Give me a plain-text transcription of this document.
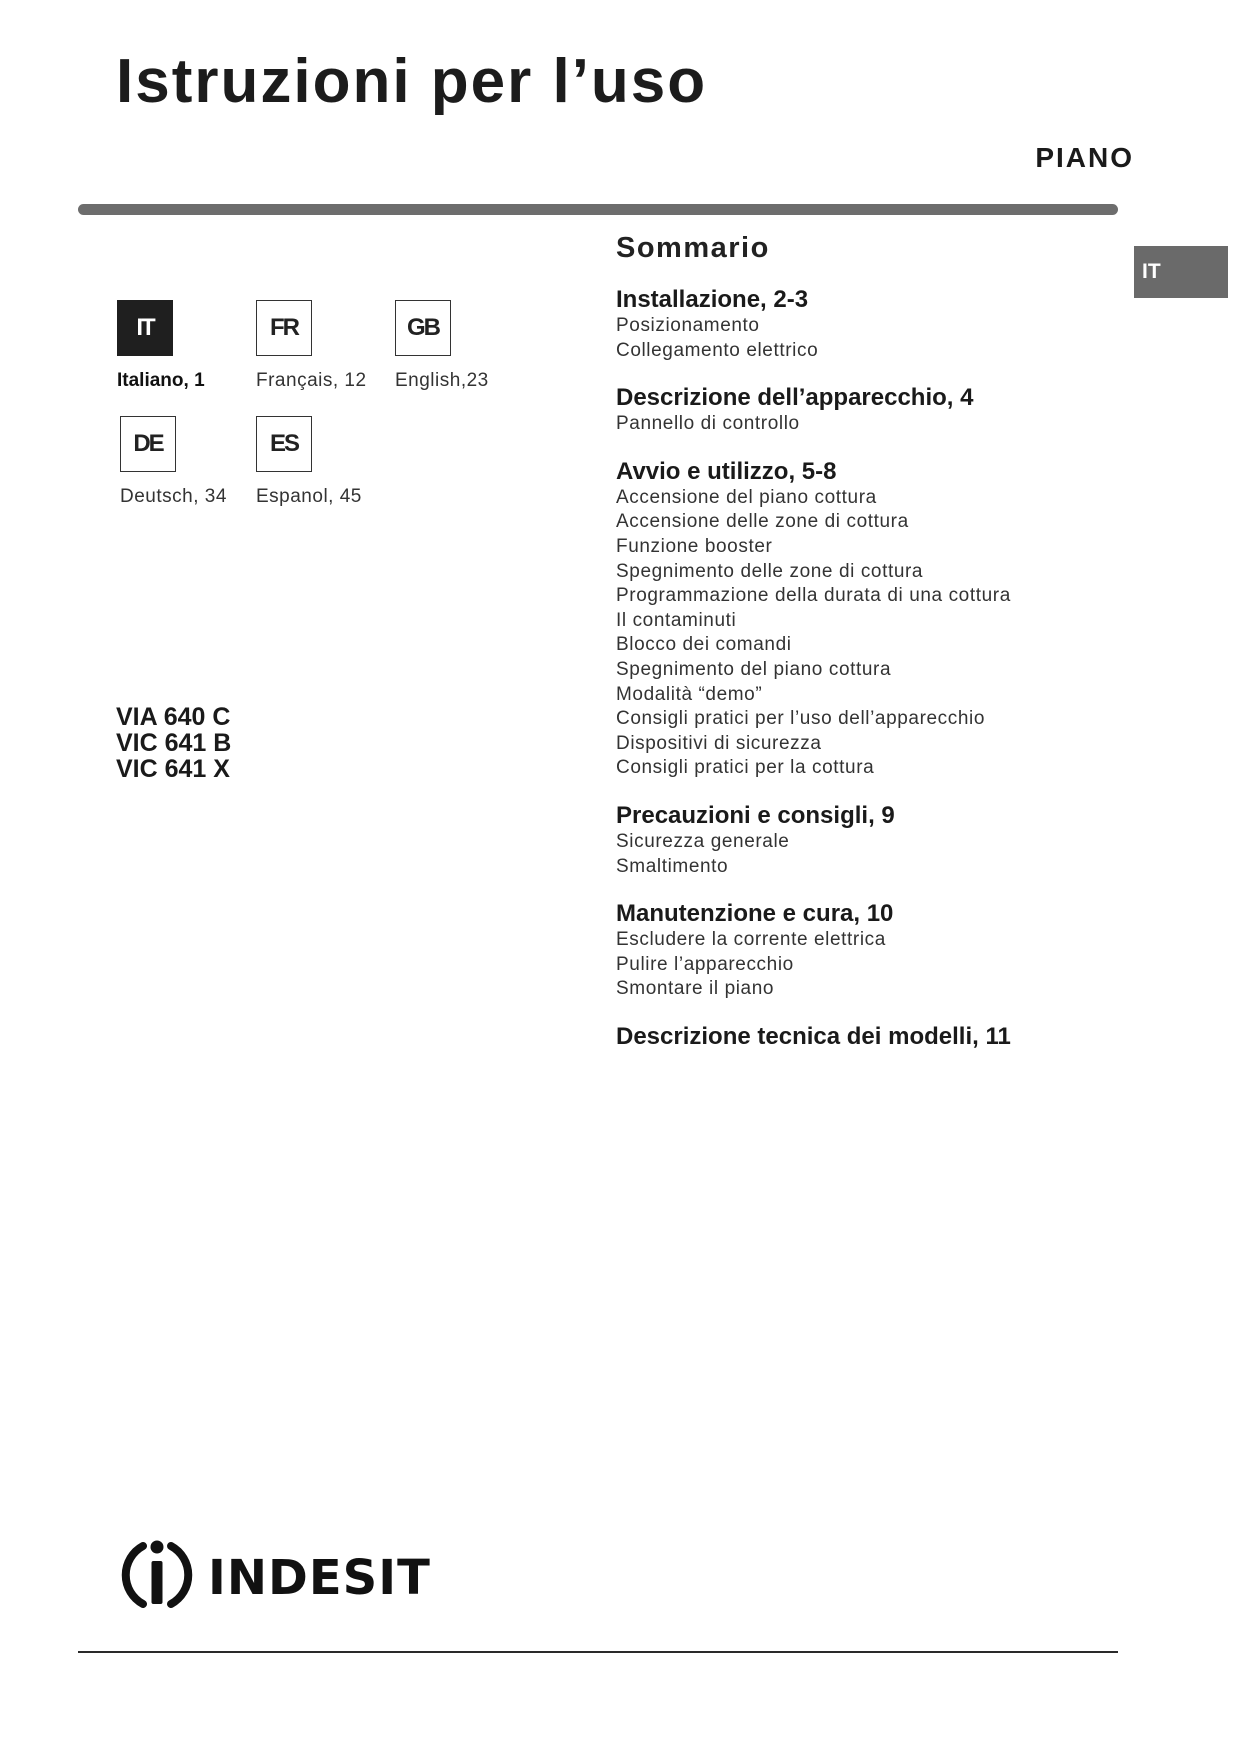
Istruzioni per l’uso
PIANO
IT
IT
Italiano, 1
FR
Français, 12
GB
English,23
DE
Deutsch, 34
ES
Espanol, 45
VIA 640 C
VIC 641 B
VIC 641 X
Sommario
Installazione, 2-3
Posizionamento
Collegamento elettrico
Descrizione dell’apparecchio, 4
Pannello di controllo
Avvio e utilizzo, 5-8
Accensione del piano cottura
Accensione delle zone di cottura
Funzione booster
Spegnimento delle zone di cottura
Programmazione della durata di una cottura
Il contaminuti
Blocco dei comandi
Spegnimento del piano cottura
Modalità “demo”
Consigli pratici per l’uso dell’apparecchio
Dispositivi di sicurezza
Consigli pratici per la cottura
Precauzioni e consigli, 9
Sicurezza generale
Smaltimento
Manutenzione e cura, 10
Escludere la corrente elettrica
Pulire l’apparecchio
Smontare il piano
Descrizione tecnica dei modelli, 11
INDESIT
